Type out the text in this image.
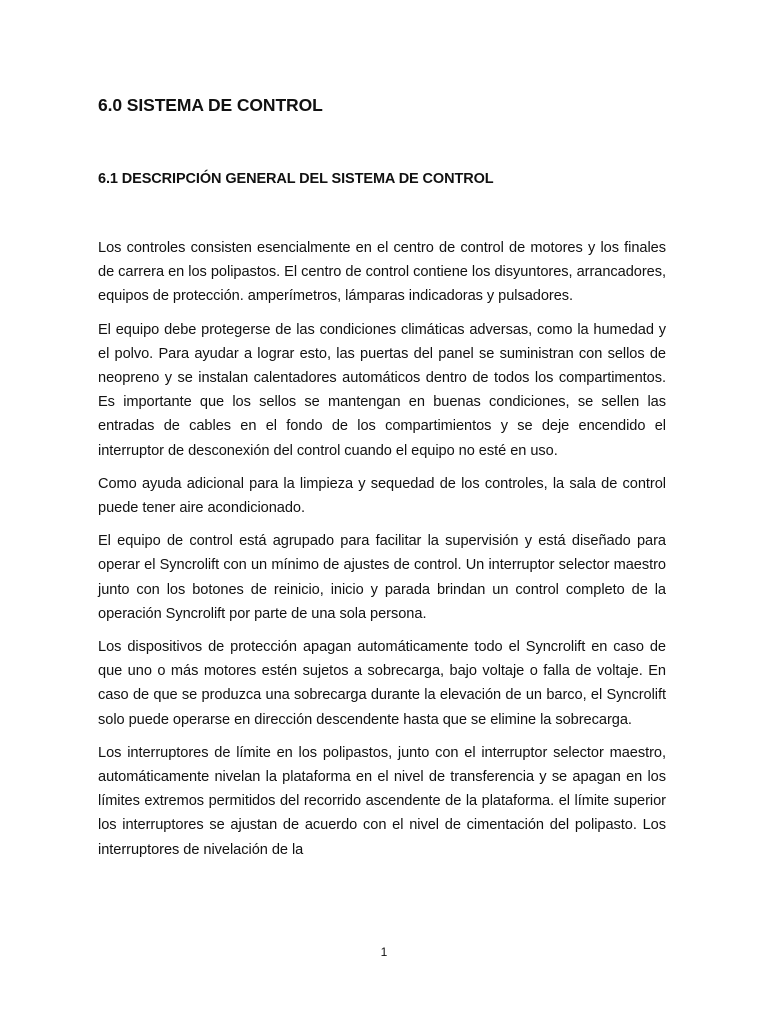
6.0 SISTEMA DE CONTROL
6.1 DESCRIPCIÓN GENERAL DEL SISTEMA DE CONTROL

Los controles consisten esencialmente en el centro de control de motores y los finales de carrera en los polipastos. El centro de control contiene los disyuntores, arrancadores, equipos de protección. amperímetros, lámparas indicadoras y pulsadores.

El equipo debe protegerse de las condiciones climáticas adversas, como la humedad y el polvo. Para ayudar a lograr esto, las puertas del panel se suministran con sellos de neopreno y se instalan calentadores automáticos dentro de todos los compartimentos. Es importante que los sellos se mantengan en buenas condiciones, se sellen las entradas de cables en el fondo de los compartimientos y se deje encendido el interruptor de desconexión del control cuando el equipo no esté en uso.

Como ayuda adicional para la limpieza y sequedad de los controles, la sala de control puede tener aire acondicionado.

El equipo de control está agrupado para facilitar la supervisión y está diseñado para operar el Syncrolift con un mínimo de ajustes de control. Un interruptor selector maestro junto con los botones de reinicio, inicio y parada brindan un control completo de la operación Syncrolift por parte de una sola persona.

Los dispositivos de protección apagan automáticamente todo el Syncrolift en caso de que uno o más motores estén sujetos a sobrecarga, bajo voltaje o falla de voltaje. En caso de que se produzca una sobrecarga durante la elevación de un barco, el Syncrolift solo puede operarse en dirección descendente hasta que se elimine la sobrecarga.

Los interruptores de límite en los polipastos, junto con el interruptor selector maestro, automáticamente nivelan la plataforma en el nivel de transferencia y se apagan en los límites extremos permitidos del recorrido ascendente de la plataforma. el límite superior los interruptores se ajustan de acuerdo con el nivel de cimentación del polipasto. Los interruptores de nivelación de la

1
